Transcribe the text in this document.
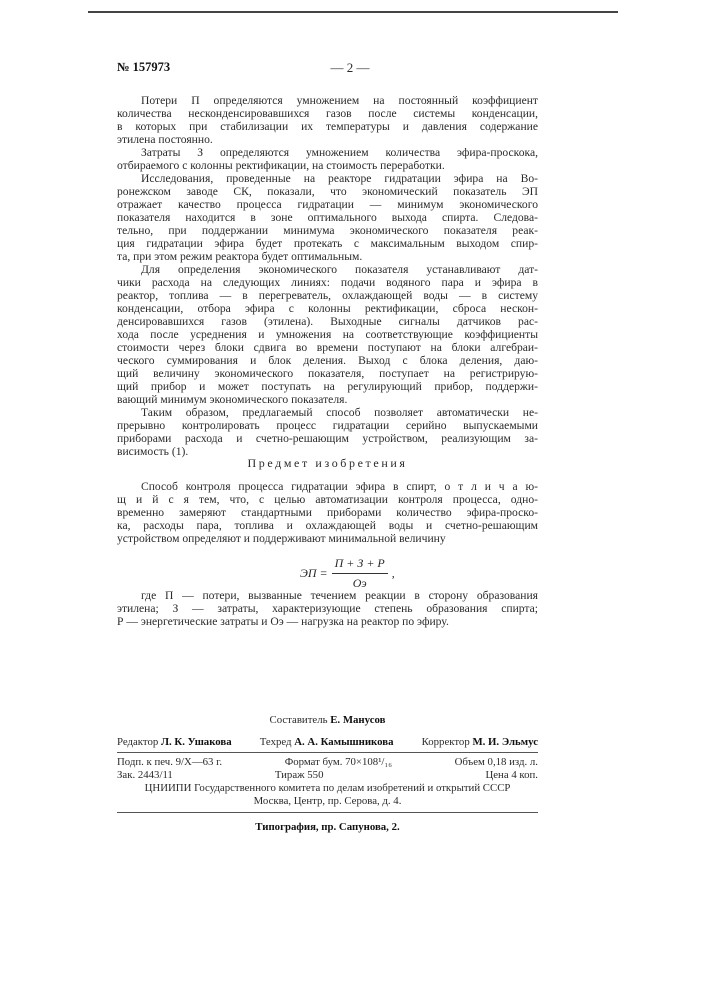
№ 157973	— 2 —
Потери П определяются умножением на постоянный коэффициент
количества несконденсировавшихся газов после системы конденсации,
в которых при стабилизации их температуры и давления содержание
этилена постоянно.
Затраты З определяются умножением количества эфира-проскока,
отбираемого с колонны ректификации, на стоимость переработки.
Исследования, проведенные на реакторе гидратации эфира на Во-
ронежском заводе СК, показали, что экономический показатель ЭП
отражает качество процесса гидратации — минимум экономического
показателя находится в зоне оптимального выхода спирта. Следова-
тельно, при поддержании минимума экономического показателя реак-
ция гидратации эфира будет протекать с максимальным выходом спир-
та, при этом режим реактора будет оптимальным.
Для определения экономического показателя устанавливают дат-
чики расхода на следующих линиях: подачи водяного пара и эфира в
реактор, топлива — в перегреватель, охлаждающей воды — в систему
конденсации, отбора эфира с колонны ректификации, сброса нескон-
денсировавшихся газов (этилена). Выходные сигналы датчиков рас-
хода после усреднения и умножения на соответствующие коэффициенты
стоимости через блоки сдвига во времени поступают на блоки алгебраи-
ческого суммирования и блок деления. Выход с блока деления, даю-
щий величину экономического показателя, поступает на регистрирую-
щий прибор и может поступать на регулирующий прибор, поддержи-
вающий минимум экономического показателя.
Таким образом, предлагаемый способ позволяет автоматически не-
прерывно контролировать процесс гидратации серийно выпускаемыми
приборами расхода и счетно-решающим устройством, реализующим за-
висимость (1).
Предмет изобретения
Способ контроля процесса гидратации эфира в спирт, о т л и ч а ю-
щ и й с я тем, что, с целью автоматизации контроля процесса, одно-
временно замеряют стандартными приборами количество эфира-проско-
ка, расходы пара, топлива и охлаждающей воды и счетно-решающим
устройством определяют и поддерживают минимальной величину
ЭП =
П + З + Р
Оэ
,
где П — потери, вызванные течением реакции в сторону образования
этилена; З — затраты, характеризующие степень образования спирта;
Р — энергетические затраты и Оэ — нагрузка на реактор по эфиру.
Составитель Е. Манусов
Редактор Л. К. Ушакова	Техред А. А. Камышникова	Корректор М. И. Эльмус
Подп. к печ. 9/X—63 г.	Формат бум. 70×108¹/₁₆	Объем 0,18 изд. л.
Зак. 2443/11	Тираж 550	Цена 4 коп.
ЦНИИПИ Государственного комитета по делам изобретений и открытий СССР
Москва, Центр, пр. Серова, д. 4.
Типография, пр. Сапунова, 2.
